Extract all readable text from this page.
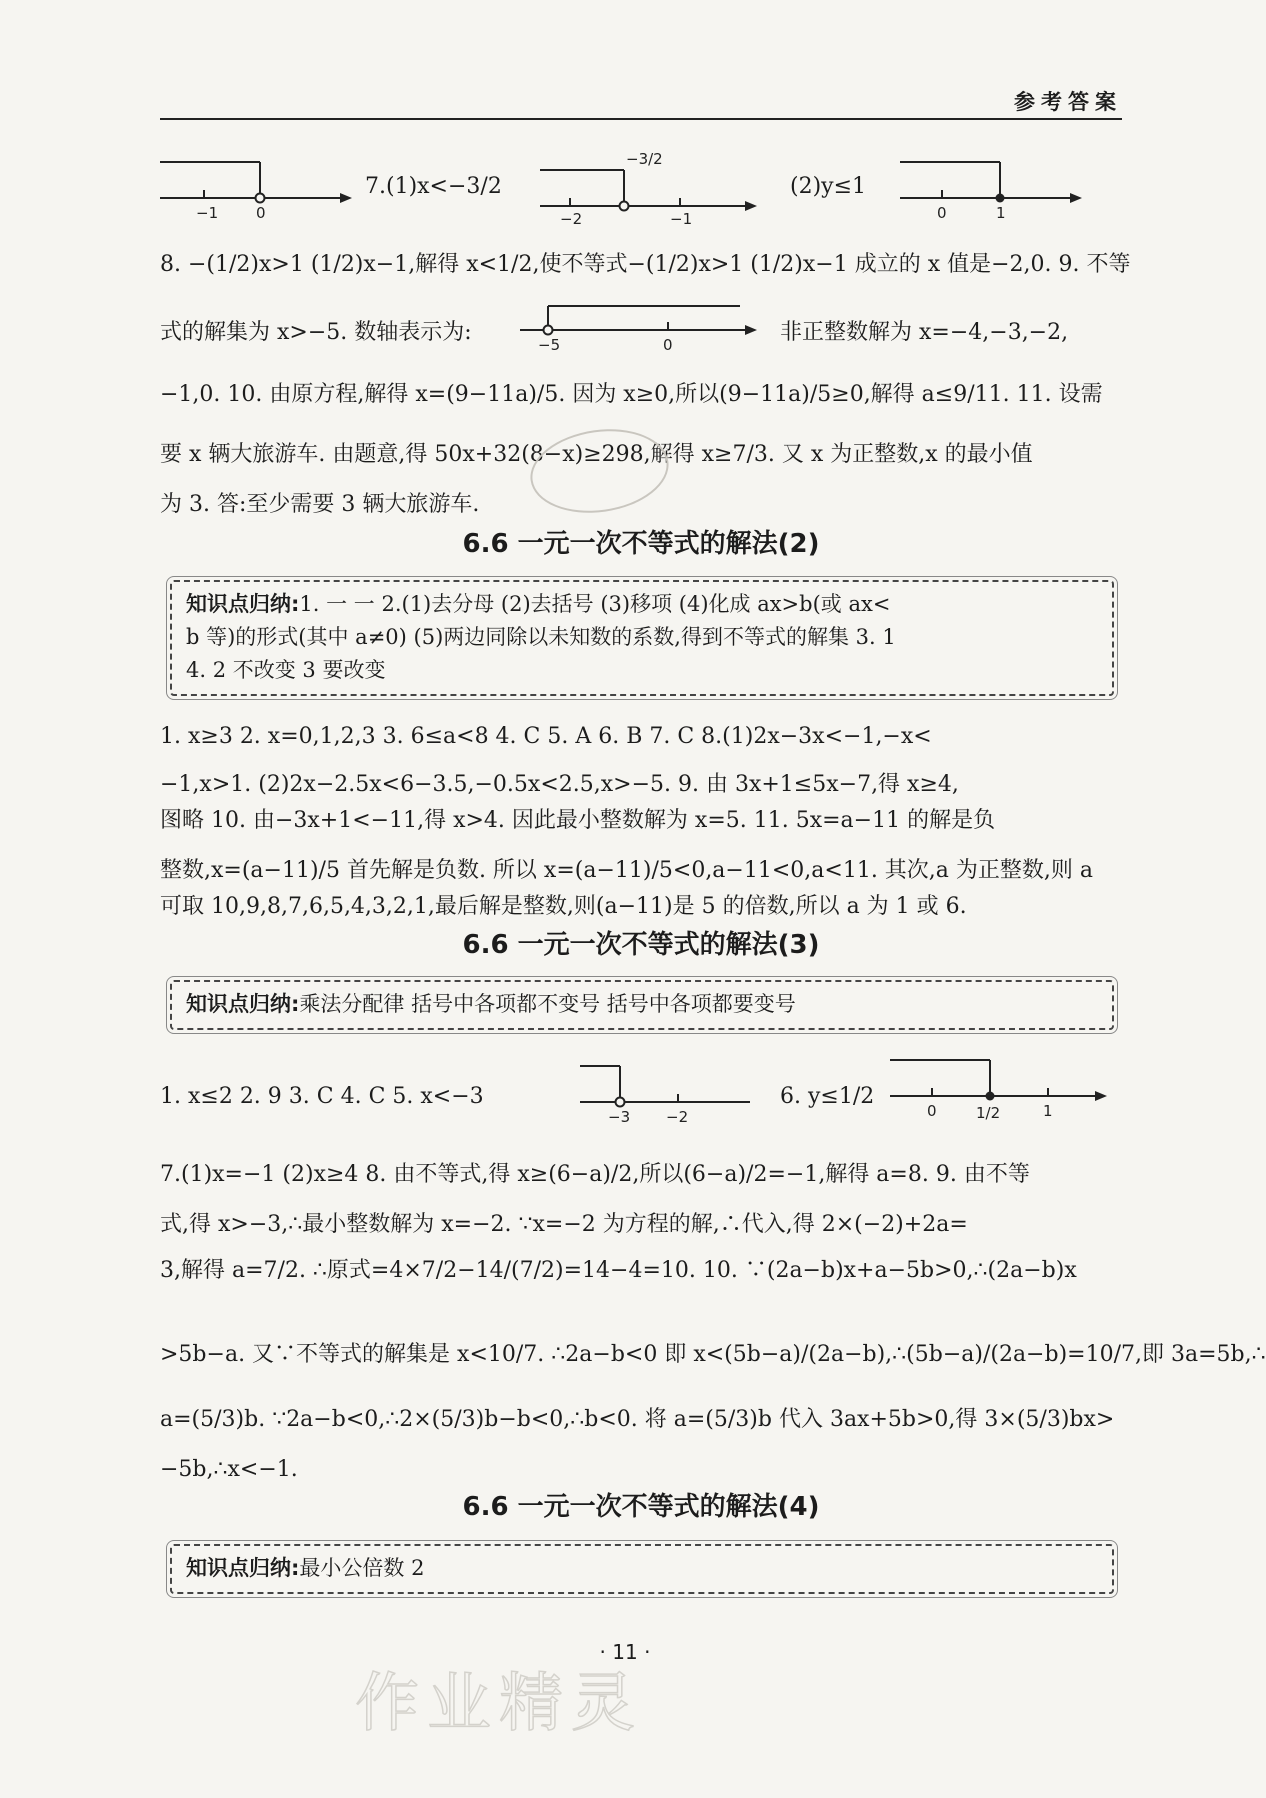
参考答案
−1	0
7.(1)x<−3/2
−2	−1
−3/2
(2)y≤1
0	1
8. −(1/2)x>1 (1/2)x−1,解得 x<1/2,使不等式−(1/2)x>1 (1/2)x−1 成立的 x 值是−2,0. 9. 不等
式的解集为 x>−5. 数轴表示为:	−5	0	非正整数解为 x=−4,−3,−2,
−1,0. 10. 由原方程,解得 x=(9−11a)/5. 因为 x≥0,所以(9−11a)/5≥0,解得 a≤9/11. 11. 设需
要 x 辆大旅游车. 由题意,得 50x+32(8−x)≥298,解得 x≥7/3. 又 x 为正整数,x 的最小值
为 3. 答:至少需要 3 辆大旅游车.
6.6 一元一次不等式的解法(2)
知识点归纳:1. 一 一 2.(1)去分母 (2)去括号 (3)移项 (4)化成 ax>b(或 ax<
b 等)的形式(其中 a≠0) (5)两边同除以未知数的系数,得到不等式的解集 3. 1
4. 2 不改变 3 要改变
1. x≥3 2. x=0,1,2,3 3. 6≤a<8 4. C 5. A 6. B 7. C 8.(1)2x−3x<−1,−x<
−1,x>1. (2)2x−2.5x<6−3.5,−0.5x<2.5,x>−5. 9. 由 3x+1≤5x−7,得 x≥4,
图略 10. 由−3x+1<−11,得 x>4. 因此最小整数解为 x=5. 11. 5x=a−11 的解是负
整数,x=(a−11)/5 首先解是负数. 所以 x=(a−11)/5<0,a−11<0,a<11. 其次,a 为正整数,则 a
可取 10,9,8,7,6,5,4,3,2,1,最后解是整数,则(a−11)是 5 的倍数,所以 a 为 1 或 6.
6.6 一元一次不等式的解法(3)
知识点归纳:乘法分配律 括号中各项都不变号 括号中各项都要变号
1. x≤2 2. 9 3. C 4. C 5. x<−3
−3 −2
6. y≤1/2
0	1/2	1
7.(1)x=−1 (2)x≥4 8. 由不等式,得 x≥(6−a)/2,所以(6−a)/2=−1,解得 a=8. 9. 由不等
式,得 x>−3,∴最小整数解为 x=−2. ∵x=−2 为方程的解,∴代入,得 2×(−2)+2a=
3,解得 a=7/2. ∴原式=4×7/2−14/(7/2)=14−4=10. 10. ∵(2a−b)x+a−5b>0,∴(2a−b)x
>5b−a. 又∵不等式的解集是 x<10/7. ∴2a−b<0 即 x<(5b−a)/(2a−b),∴(5b−a)/(2a−b)=10/7,即 3a=5b,∴
a=(5/3)b. ∵2a−b<0,∴2×(5/3)b−b<0,∴b<0. 将 a=(5/3)b 代入 3ax+5b>0,得 3×(5/3)bx>
−5b,∴x<−1.
6.6 一元一次不等式的解法(4)
知识点归纳:最小公倍数 2
· 11 ·
作业精灵
